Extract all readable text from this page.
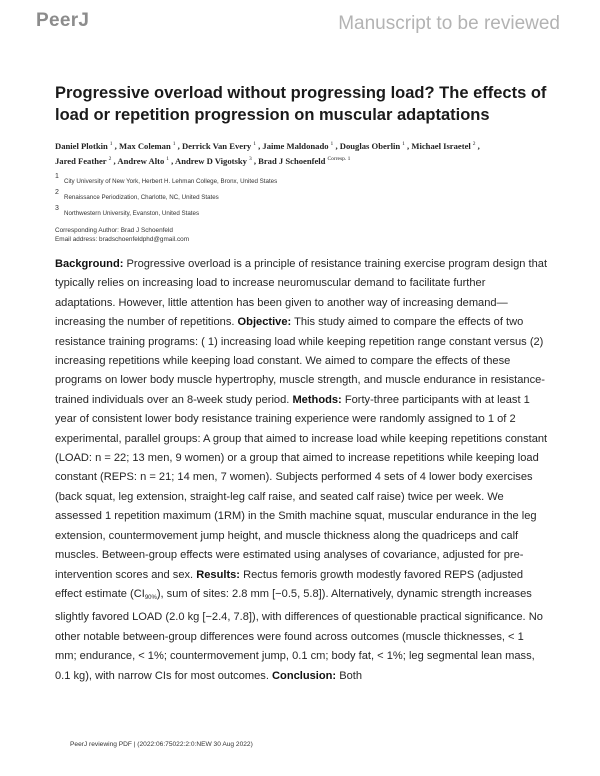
PeerJ	Manuscript to be reviewed
Progressive overload without progressing load? The effects of load or repetition progression on muscular adaptations
Daniel Plotkin $^1$ , Max Coleman $^1$ , Derrick Van Every $^1$ , Jaime Maldonado $^1$ , Douglas Oberlin $^1$ , Michael Israetel $^2$ ,
Jared Feather $^2$ , Andrew Alto $^1$ , Andrew D Vigotsky $^3$ , Brad J Schoenfeld $^{Corresp. 1}$
1
City University of New York, Herbert H. Lehman College, Bronx, United States
2
Renaissance Periodization, Charlotte, NC, United States
3
Northwestern University, Evanston, United States
Corresponding Author: Brad J Schoenfeld
Email address: bradschoenfeldphd@gmail.com

Background: Progressive overload is a principle of resistance training exercise program design that typically relies on increasing load to increase neuromuscular demand to facilitate further adaptations. However, little attention has been given to another way of increasing demand—increasing the number of repetitions. Objective: This study aimed to compare the effects of two resistance training programs: ( 1) increasing load while keeping repetition range constant versus (2) increasing repetitions while keeping load constant. We aimed to compare the effects of these programs on lower body muscle hypertrophy, muscle strength, and muscle endurance in resistance-trained individuals over an 8-week study period. Methods: Forty-three participants with at least 1 year of consistent lower body resistance training experience were randomly assigned to 1 of 2 experimental, parallel groups: A group that aimed to increase load while keeping repetitions constant (LOAD: n = 22; 13 men, 9 women) or a group that aimed to increase repetitions while keeping load constant (REPS: n = 21; 14 men, 7 women). Subjects performed 4 sets of 4 lower body exercises (back squat, leg extension, straight-leg calf raise, and seated calf raise) twice per week. We assessed 1 repetition maximum (1RM) in the Smith machine squat, muscular endurance in the leg extension, countermovement jump height, and muscle thickness along the quadriceps and calf muscles. Between-group effects were estimated using analyses of covariance, adjusted for pre-intervention scores and sex. Results: Rectus femoris growth modestly favored REPS (adjusted effect estimate $(CI_{90\%})$, sum of sites: 2.8 mm [−0.5, 5.8]). Alternatively, dynamic strength increases slightly favored LOAD (2.0 kg [−2.4, 7.8]), with differences of questionable practical significance. No other notable between-group differences were found across outcomes (muscle thicknesses, < 1 mm; endurance, < 1%; countermovement jump, 0.1 cm; body fat, < 1%; leg segmental lean mass, 0.1 kg), with narrow CIs for most outcomes. Conclusion: Both

PeerJ reviewing PDF | (2022:06:75022:2:0:NEW 30 Aug 2022)
